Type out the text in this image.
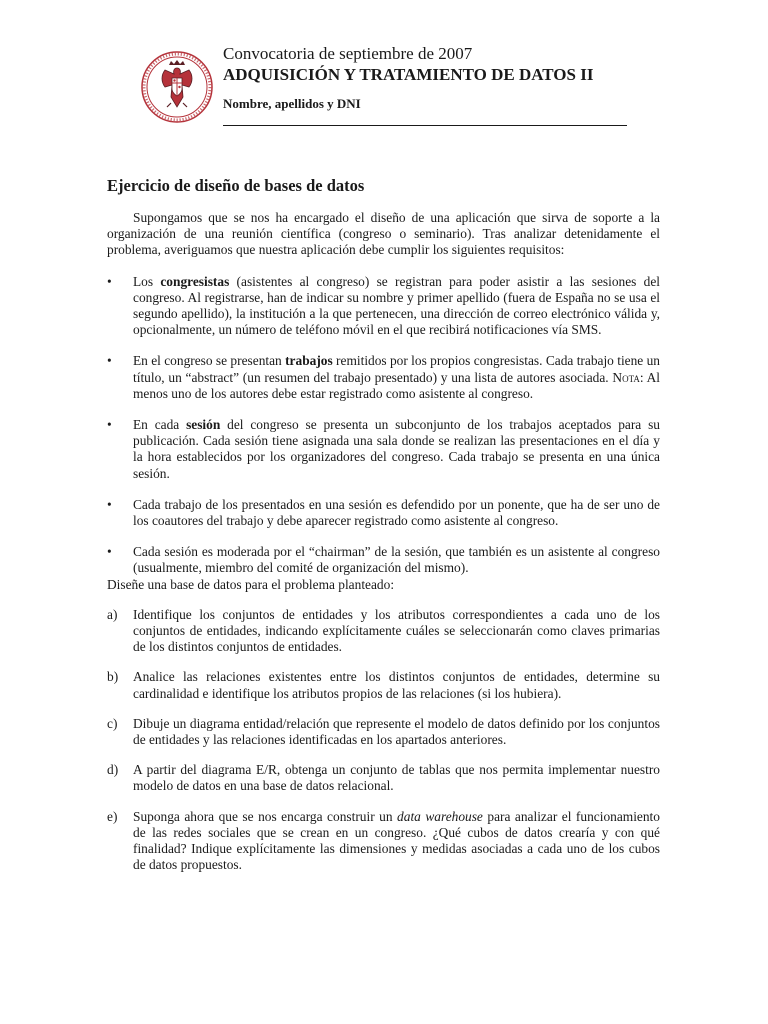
Convocatoria de septiembre de 2007
ADQUISICIÓN Y TRATAMIENTO DE DATOS II
Nombre, apellidos y DNI
Ejercicio de diseño de bases de datos

Supongamos que se nos ha encargado el diseño de una aplicación que sirva de soporte a la organización de una reunión científica (congreso o seminario). Tras analizar detenidamente el problema, averiguamos que nuestra aplicación debe cumplir los siguientes requisitos:

• Los congresistas (asistentes al congreso) se registran para poder asistir a las sesiones del congreso. Al registrarse, han de indicar su nombre y primer apellido (fuera de España no se usa el segundo apellido), la institución a la que pertenecen, una dirección de correo electrónico válida y, opcionalmente, un número de teléfono móvil en el que recibirá notificaciones vía SMS.
• En el congreso se presentan trabajos remitidos por los propios congresistas. Cada trabajo tiene un título, un “abstract” (un resumen del trabajo presentado) y una lista de autores asociada. Nota: Al menos uno de los autores debe estar registrado como asistente al congreso.
• En cada sesión del congreso se presenta un subconjunto de los trabajos aceptados para su publicación. Cada sesión tiene asignada una sala donde se realizan las presentaciones en el día y la hora establecidos por los organizadores del congreso. Cada trabajo se presenta en una única sesión.
• Cada trabajo de los presentados en una sesión es defendido por un ponente, que ha de ser uno de los coautores del trabajo y debe aparecer registrado como asistente al congreso.
• Cada sesión es moderada por el “chairman” de la sesión, que también es un asistente al congreso (usualmente, miembro del comité de organización del mismo).

Diseñe una base de datos para el problema planteado:

a) Identifique los conjuntos de entidades y los atributos correspondientes a cada uno de los conjuntos de entidades, indicando explícitamente cuáles se seleccionarán como claves primarias de los distintos conjuntos de entidades.
b) Analice las relaciones existentes entre los distintos conjuntos de entidades, determine su cardinalidad e identifique los atributos propios de las relaciones (si los hubiera).
c) Dibuje un diagrama entidad/relación que represente el modelo de datos definido por los conjuntos de entidades y las relaciones identificadas en los apartados anteriores.
d) A partir del diagrama E/R, obtenga un conjunto de tablas que nos permita implementar nuestro modelo de datos en una base de datos relacional.
e) Suponga ahora que se nos encarga construir un data warehouse para analizar el funcionamiento de las redes sociales que se crean en un congreso. ¿Qué cubos de datos crearía y con qué finalidad? Indique explícitamente las dimensiones y medidas asociadas a cada uno de los cubos de datos propuestos.
